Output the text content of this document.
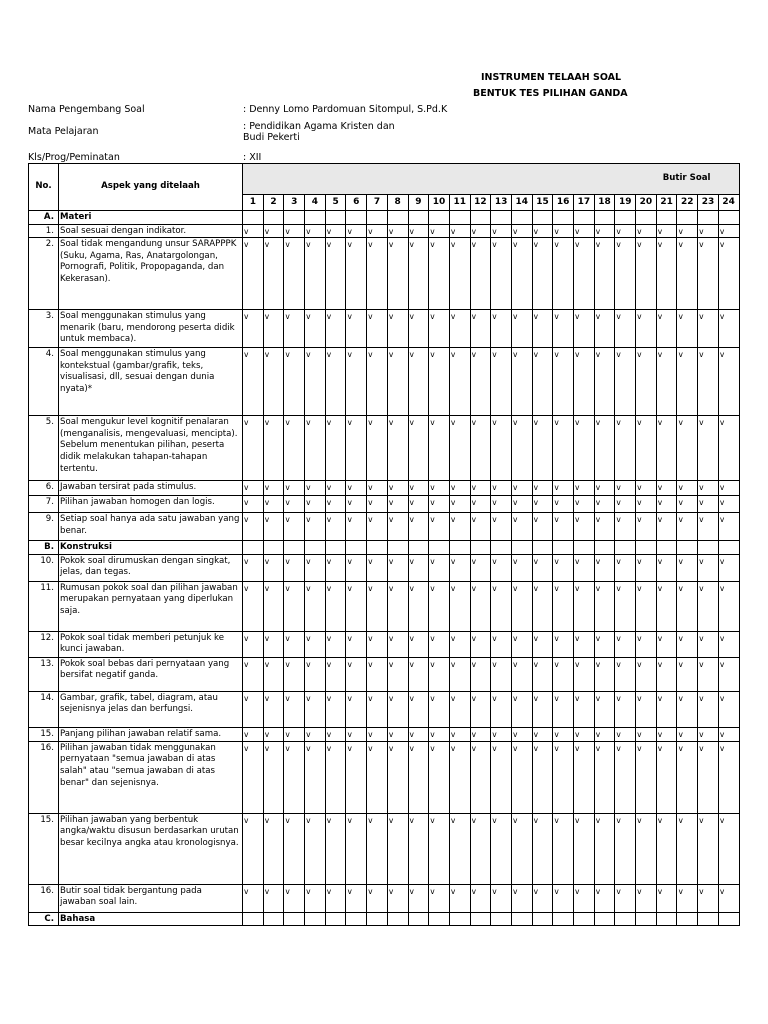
INSTRUMEN TELAAH SOAL
BENTUK TES PILIHAN GANDA
Nama Pengembang Soal	: Denny Lomo Pardomuan Sitompul, S.Pd.K
Mata Pelajaran	: Pendidikan Agama Kristen dan
Budi Pekerti
Kls/Prog/Peminatan	: XII
No.	Aspek yang ditelaah	Butir Soal																							

		1	2	3	4	5	6	7	8	9	10	11	12	13	14	15	16	17	18	19	20	21	22	23	24
A.	Materi																								
1.	Soal sesuai dengan indikator.	v	v	v	v	v	v	v	v	v	v	v	v	v	v	v	v	v	v	v	v	v	v	v	v
2.	Soal tidak mengandung unsur SARAPPPK (Suku, Agama, Ras, Anatargolongan, Pornografi, Politik, Propopaganda, dan Kekerasan).	v	v	v	v	v	v	v	v	v	v	v	v	v	v	v	v	v	v	v	v	v	v	v	v
3.	Soal menggunakan stimulus yang menarik (baru, mendorong peserta didik untuk membaca).	v	v	v	v	v	v	v	v	v	v	v	v	v	v	v	v	v	v	v	v	v	v	v	v
4.	Soal menggunakan stimulus yang kontekstual (gambar/grafik, teks, visualisasi, dll, sesuai dengan dunia nyata)*	v	v	v	v	v	v	v	v	v	v	v	v	v	v	v	v	v	v	v	v	v	v	v	v
5.	Soal mengukur level kognitif penalaran (menganalisis, mengevaluasi, mencipta). Sebelum menentukan pilihan, peserta didik melakukan tahapan-tahapan tertentu.	v	v	v	v	v	v	v	v	v	v	v	v	v	v	v	v	v	v	v	v	v	v	v	v
6.	Jawaban tersirat pada stimulus.	v	v	v	v	v	v	v	v	v	v	v	v	v	v	v	v	v	v	v	v	v	v	v	v
7.	Pilihan jawaban homogen dan logis.	v	v	v	v	v	v	v	v	v	v	v	v	v	v	v	v	v	v	v	v	v	v	v	v
9.	Setiap soal hanya ada satu jawaban yang benar.	v	v	v	v	v	v	v	v	v	v	v	v	v	v	v	v	v	v	v	v	v	v	v	v
B.	Konstruksi																								
10.	Pokok soal dirumuskan dengan singkat, jelas, dan tegas.	v	v	v	v	v	v	v	v	v	v	v	v	v	v	v	v	v	v	v	v	v	v	v	v
11.	Rumusan pokok soal dan pilihan jawaban merupakan pernyataan yang diperlukan saja.	v	v	v	v	v	v	v	v	v	v	v	v	v	v	v	v	v	v	v	v	v	v	v	v
12.	Pokok soal tidak memberi petunjuk ke kunci jawaban.	v	v	v	v	v	v	v	v	v	v	v	v	v	v	v	v	v	v	v	v	v	v	v	v
13.	Pokok soal bebas dari pernyataan yang bersifat negatif ganda.	v	v	v	v	v	v	v	v	v	v	v	v	v	v	v	v	v	v	v	v	v	v	v	v
14.	Gambar, grafik, tabel, diagram, atau sejenisnya jelas dan berfungsi.	v	v	v	v	v	v	v	v	v	v	v	v	v	v	v	v	v	v	v	v	v	v	v	v
15.	Panjang pilihan jawaban relatif sama.	v	v	v	v	v	v	v	v	v	v	v	v	v	v	v	v	v	v	v	v	v	v	v	v
16.	Pilihan jawaban tidak menggunakan pernyataan "semua jawaban di atas salah" atau "semua jawaban di atas benar" dan sejenisnya.	v	v	v	v	v	v	v	v	v	v	v	v	v	v	v	v	v	v	v	v	v	v	v	v
15.	Pilihan jawaban yang berbentuk angka/waktu disusun berdasarkan urutan besar kecilnya angka atau kronologisnya.	v	v	v	v	v	v	v	v	v	v	v	v	v	v	v	v	v	v	v	v	v	v	v	v
16.	Butir soal tidak bergantung pada jawaban soal lain.	v	v	v	v	v	v	v	v	v	v	v	v	v	v	v	v	v	v	v	v	v	v	v	v
C.	Bahasa																								
